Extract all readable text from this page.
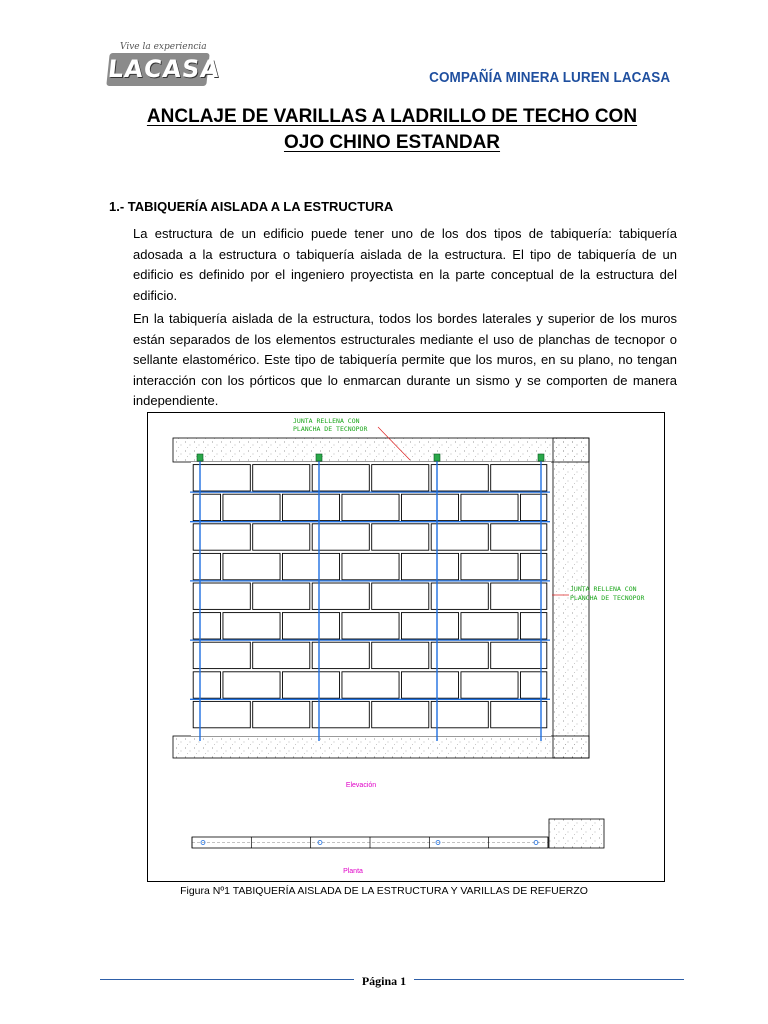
Vive la experiencia
LACASA	COMPAÑÍA MINERA LUREN LACASA
ANCLAJE DE VARILLAS A LADRILLO DE TECHO CON
OJO CHINO ESTANDAR
1.- TABIQUERÍA AISLADA A LA ESTRUCTURA
La estructura de un edificio puede tener uno de los dos tipos de tabiquería: tabiquería adosada a la estructura o tabiquería aislada de la estructura. El tipo de tabiquería de un edificio es definido por el ingeniero proyectista en la parte conceptual de la estructura del edificio.
En la tabiquería aislada de la estructura, todos los bordes laterales y superior de los muros están separados de los elementos estructurales mediante el uso de planchas de tecnopor o sellante elastomérico. Este tipo de tabiquería permite que los muros, en su plano, no tengan interacción con los pórticos que lo enmarcan durante un sismo y se comporten de manera independiente.
JUNTA RELLENA CON
PLANCHA DE TECNOPOR
JUNTA RELLENA CON
PLANCHA DE TECNOPOR
Elevación
Planta
Figura Nº1 TABIQUERÍA AISLADA DE LA ESTRUCTURA Y VARILLAS DE REFUERZO
Página 1
